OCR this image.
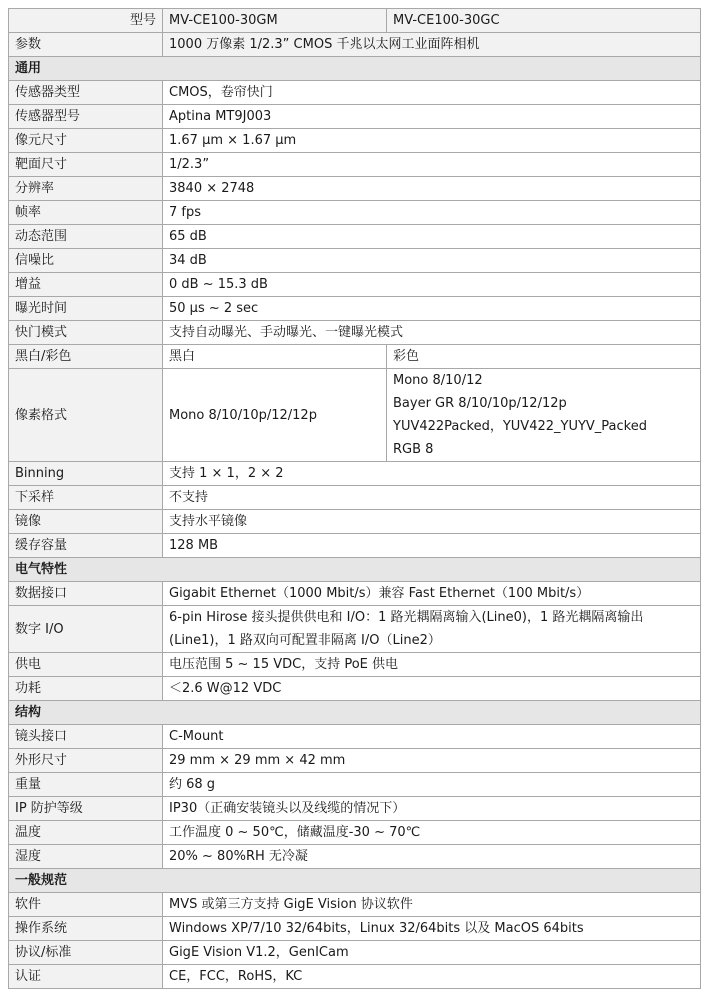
型号	MV-CE100-30GM	MV-CE100-30GC
参数	1000 万像素 1/2.3” CMOS 千兆以太网工业面阵相机	
通用		
传感器类型	CMOS，卷帘快门	
传感器型号	Aptina MT9J003	
像元尺寸	1.67 µm × 1.67 µm	
靶面尺寸	1/2.3”	
分辨率	3840 × 2748	
帧率	7 fps	
动态范围	65 dB	
信噪比	34 dB	
增益	0 dB ~ 15.3 dB	
曝光时间	50 µs ~ 2 sec	
快门模式	支持自动曝光、手动曝光、一键曝光模式	
黑白/彩色	黑白	彩色
像素格式	Mono 8/10/10p/12/12p	Mono 8/10/12
Bayer GR 8/10/10p/12/12p
YUV422Packed，YUV422_YUYV_Packed
RGB 8

Binning	支持 1 × 1，2 × 2	
下采样	不支持	
镜像	支持水平镜像	
缓存容量	128 MB	
电气特性		
数据接口	Gigabit Ethernet（1000 Mbit/s）兼容 Fast Ethernet（100 Mbit/s）	
数字 I/O	6-pin Hirose 接头提供供电和 I/O：1 路光耦隔离输入(Line0)，1 路光耦隔离输出
(Line1)，1 路双向可配置非隔离 I/O（Line2）	

供电	电压范围 5 ~ 15 VDC，支持 PoE 供电	
功耗	＜2.6 W@12 VDC	
结构		
镜头接口	C-Mount	
外形尺寸	29 mm × 29 mm × 42 mm	
重量	约 68 g	
IP 防护等级	IP30（正确安装镜头以及线缆的情况下）	
温度	工作温度 0 ~ 50℃，储藏温度-30 ~ 70℃	
湿度	20% ~ 80%RH 无冷凝	
一般规范		
软件	MVS 或第三方支持 GigE Vision 协议软件	
操作系统	Windows XP/7/10 32/64bits，Linux 32/64bits 以及 MacOS 64bits	
协议/标准	GigE Vision V1.2，GenICam	
认证	CE，FCC，RoHS，KC	
